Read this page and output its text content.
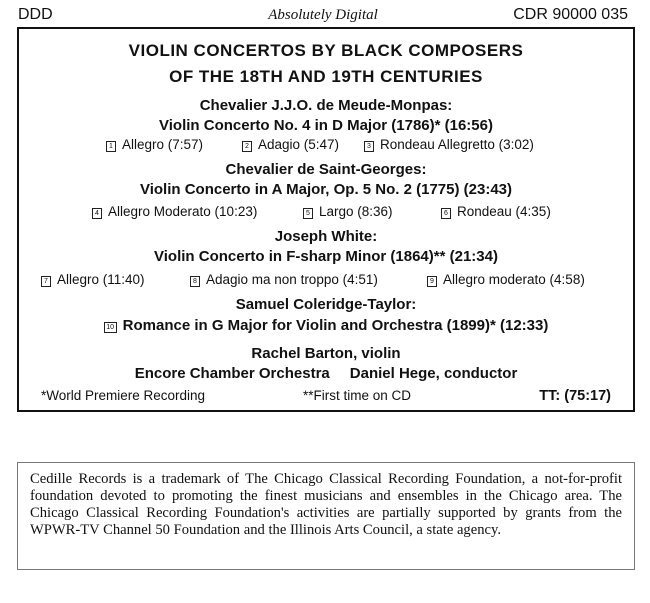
DDD	Absolutely Digital	CDR 90000 035
VIOLIN CONCERTOS BY BLACK COMPOSERS
OF THE 18TH AND 19TH CENTURIES
Chevalier J.J.O. de Meude-Monpas:
Violin Concerto No. 4 in D Major (1786)* (16:56)
1 Allegro (7:57)	2 Adagio (5:47)	3 Rondeau Allegretto (3:02)
Chevalier de Saint-Georges:
Violin Concerto in A Major, Op. 5 No. 2 (1775) (23:43)
4 Allegro Moderato (10:23)	5 Largo (8:36)	6 Rondeau (4:35)
Joseph White:
Violin Concerto in F-sharp Minor (1864)** (21:34)
7 Allegro (11:40)	8 Adagio ma non troppo (4:51)	9 Allegro moderato (4:58)
Samuel Coleridge-Taylor:
10 Romance in G Major for Violin and Orchestra (1899)* (12:33)
Rachel Barton, violin
Encore Chamber Orchestra Daniel Hege, conductor
*World Premiere Recording	**First time on CD	TT: (75:17)
Cedille Records is a trademark of The Chicago Classical Recording Foundation, a not-for-profit foundation devoted to promoting the finest musicians and ensembles in the Chicago area. The Chicago Classical Recording Foundation's activities are partially supported by grants from the WPWR-TV Channel 50 Foundation and the Illinois Arts Council, a state agency.
